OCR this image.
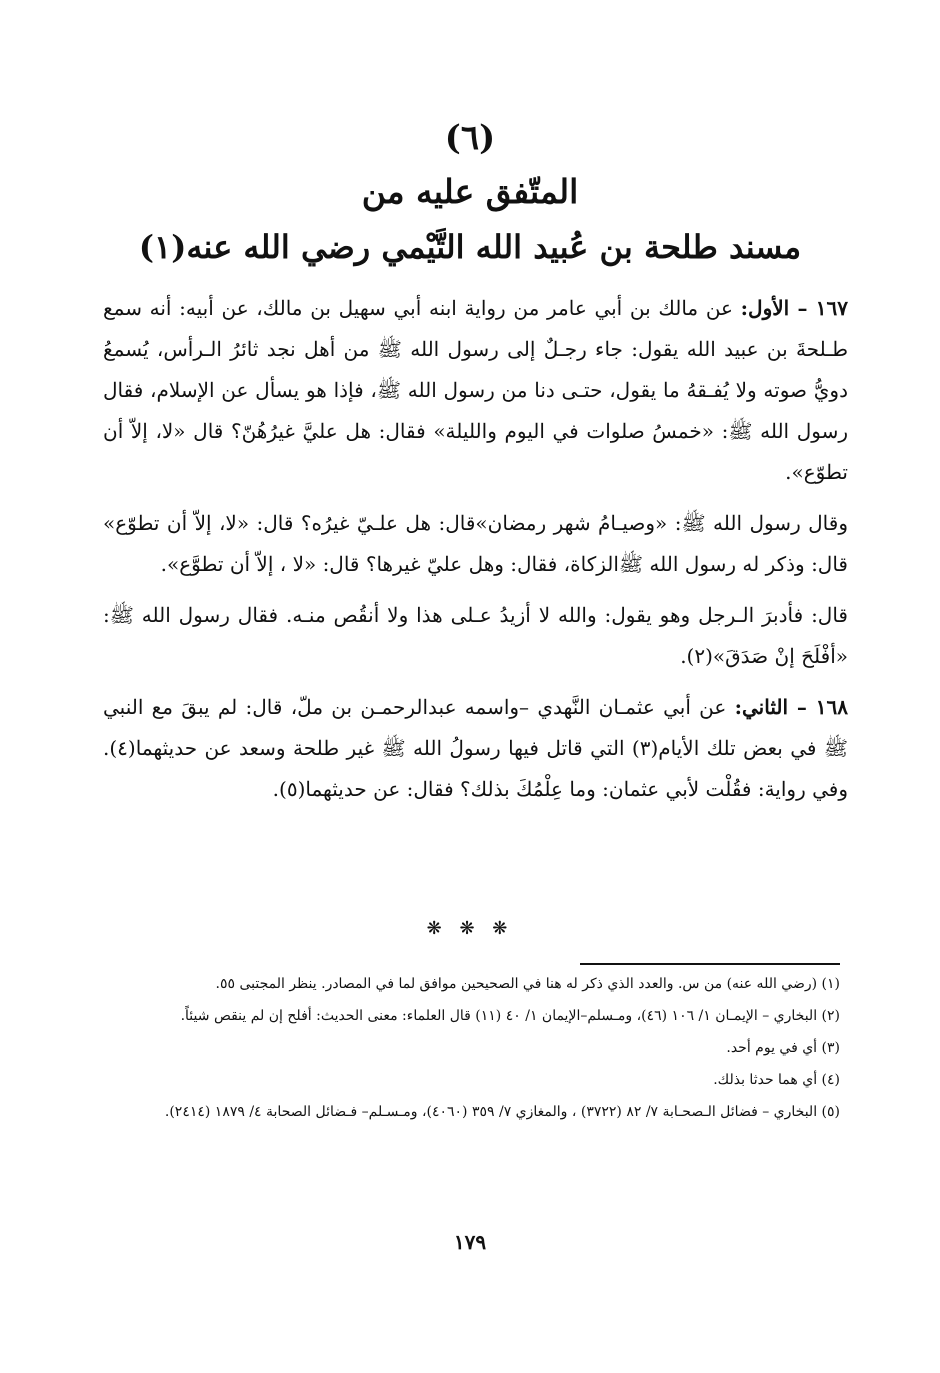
(٦)
المتّفق عليه من
مسند طلحة بن عُبيد الله التَّيْمي رضي الله عنه(١)

١٦٧ – الأول: عن مالك بن أبي عامر من رواية ابنه أبي سهيل بن مالك، عن أبيه: أنه سمع طـلحةَ بن عبيد الله يقول: جاء رجـلٌ إلى رسول الله ﷺ من أهل نجد ثائرُ الـرأس، يُسمعُ دويُّ صوته ولا يُفـقهُ ما يقول، حتـى دنا من رسول الله ﷺ، فإذا هو يسأل عن الإسلام، فقال رسول الله ﷺ: «خمسُ صلوات في اليوم والليلة» فقال: هل عليَّ غيرُهُنّ؟ قال «لا، إلاّ أن تطوّع».

وقال رسول الله ﷺ: «وصيـامُ شهر رمضان»قال: هل علـيّ غيرُه؟ قال: «لا، إلاّ أن تطوّع» قال: وذكر له رسول الله ﷺالزكاة، فقال: وهل عليّ غيرها؟ قال: «لا ، إلاّ أن تطوَّع».

قال: فأدبرَ الـرجل وهو يقول: والله لا أزيدُ عـلى هذا ولا أنقُص منـه. فقال رسول الله ﷺ: «أفْلَحَ إنْ صَدَقَ»(٢).

١٦٨ – الثاني: عن أبي عثمـان النَّهدي –واسمه عبدالرحمـن بن ملّ، قال: لم يبقَ مع النبي ﷺ في بعض تلك الأيام(٣) التي قاتل فيها رسولُ الله ﷺ غير طلحة وسعد عن حديثهما(٤). وفي رواية: فقُلْت لأبي عثمان: وما عِلْمُكَ بذلك؟ فقال: عن حديثهما(٥).

❋ ❋ ❋
(١) (رضي الله عنه) من س. والعدد الذي ذكر له هنا في الصحيحين موافق لما في المصادر. ينظر المجتبى ٥٥.
(٢) البخاري – الإيمـان ١/ ١٠٦ (٤٦)، ومـسلم–الإيمان ١/ ٤٠ (١١) قال العلماء: معنى الحديث: أفلح إن لم ينقص شيئاً.
(٣) أي في يوم أحد.
(٤) أي هما حدثا بذلك.
(٥) البخاري – فضائل الـصحـابة ٧/ ٨٢ (٣٧٢٢) ، والمغازي ٧/ ٣٥٩ (٤٠٦٠)، ومـسـلم– فـضائل الصحابة ٤/ ١٨٧٩ (٢٤١٤).
١٧٩
